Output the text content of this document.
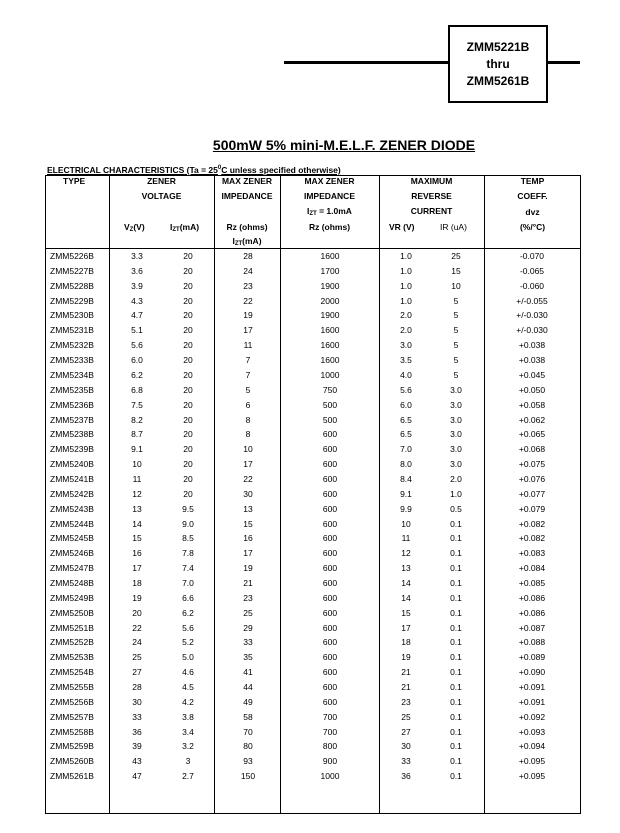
ZMM5221B
thru
ZMM5261B
500mW 5% mini-M.E.L.F. ZENER DIODE
ELECTRICAL CHARACTERISTICS ($Ta = 25^0C$ unless specified otherwise)
TYPE	ZENER
VOLTAGE
VZ(V)	IZT(mA)
MAX ZENER
IMPEDANCE
Rz (ohms)
IZT(mA)
MAX ZENER
IMPEDANCE
IZT = 1.0mA
Rz (ohms)
MAXIMUM
REVERSE
CURRENT
VR (V)	IR (uA)
TEMP
COEFF.
dvz
(%/°C)
ZMM5226B	3.3	20	28	1600	1.0	25	-0.070
ZMM5227B	3.6	20	24	1700	1.0	15	-0.065
ZMM5228B	3.9	20	23	1900	1.0	10	-0.060
ZMM5229B	4.3	20	22	2000	1.0	5	+/-0.055
ZMM5230B	4.7	20	19	1900	2.0	5	+/-0.030
ZMM5231B	5.1	20	17	1600	2.0	5	+/-0.030
ZMM5232B	5.6	20	11	1600	3.0	5	+0.038
ZMM5233B	6.0	20	7	1600	3.5	5	+0.038
ZMM5234B	6.2	20	7	1000	4.0	5	+0.045
ZMM5235B	6.8	20	5	750	5.6	3.0	+0.050
ZMM5236B	7.5	20	6	500	6.0	3.0	+0.058
ZMM5237B	8.2	20	8	500	6.5	3.0	+0.062
ZMM5238B	8.7	20	8	600	6.5	3.0	+0.065
ZMM5239B	9.1	20	10	600	7.0	3.0	+0.068
ZMM5240B	10	20	17	600	8.0	3.0	+0.075
ZMM5241B	11	20	22	600	8.4	2.0	+0.076
ZMM5242B	12	20	30	600	9.1	1.0	+0.077
ZMM5243B	13	9.5	13	600	9.9	0.5	+0.079
ZMM5244B	14	9.0	15	600	10	0.1	+0.082
ZMM5245B	15	8.5	16	600	11	0.1	+0.082
ZMM5246B	16	7.8	17	600	12	0.1	+0.083
ZMM5247B	17	7.4	19	600	13	0.1	+0.084
ZMM5248B	18	7.0	21	600	14	0.1	+0.085
ZMM5249B	19	6.6	23	600	14	0.1	+0.086
ZMM5250B	20	6.2	25	600	15	0.1	+0.086
ZMM5251B	22	5.6	29	600	17	0.1	+0.087
ZMM5252B	24	5.2	33	600	18	0.1	+0.088
ZMM5253B	25	5.0	35	600	19	0.1	+0.089
ZMM5254B	27	4.6	41	600	21	0.1	+0.090
ZMM5255B	28	4.5	44	600	21	0.1	+0.091
ZMM5256B	30	4.2	49	600	23	0.1	+0.091
ZMM5257B	33	3.8	58	700	25	0.1	+0.092
ZMM5258B	36	3.4	70	700	27	0.1	+0.093
ZMM5259B	39	3.2	80	800	30	0.1	+0.094
ZMM5260B	43	3	93	900	33	0.1	+0.095
ZMM5261B	47	2.7	150	1000	36	0.1	+0.095
